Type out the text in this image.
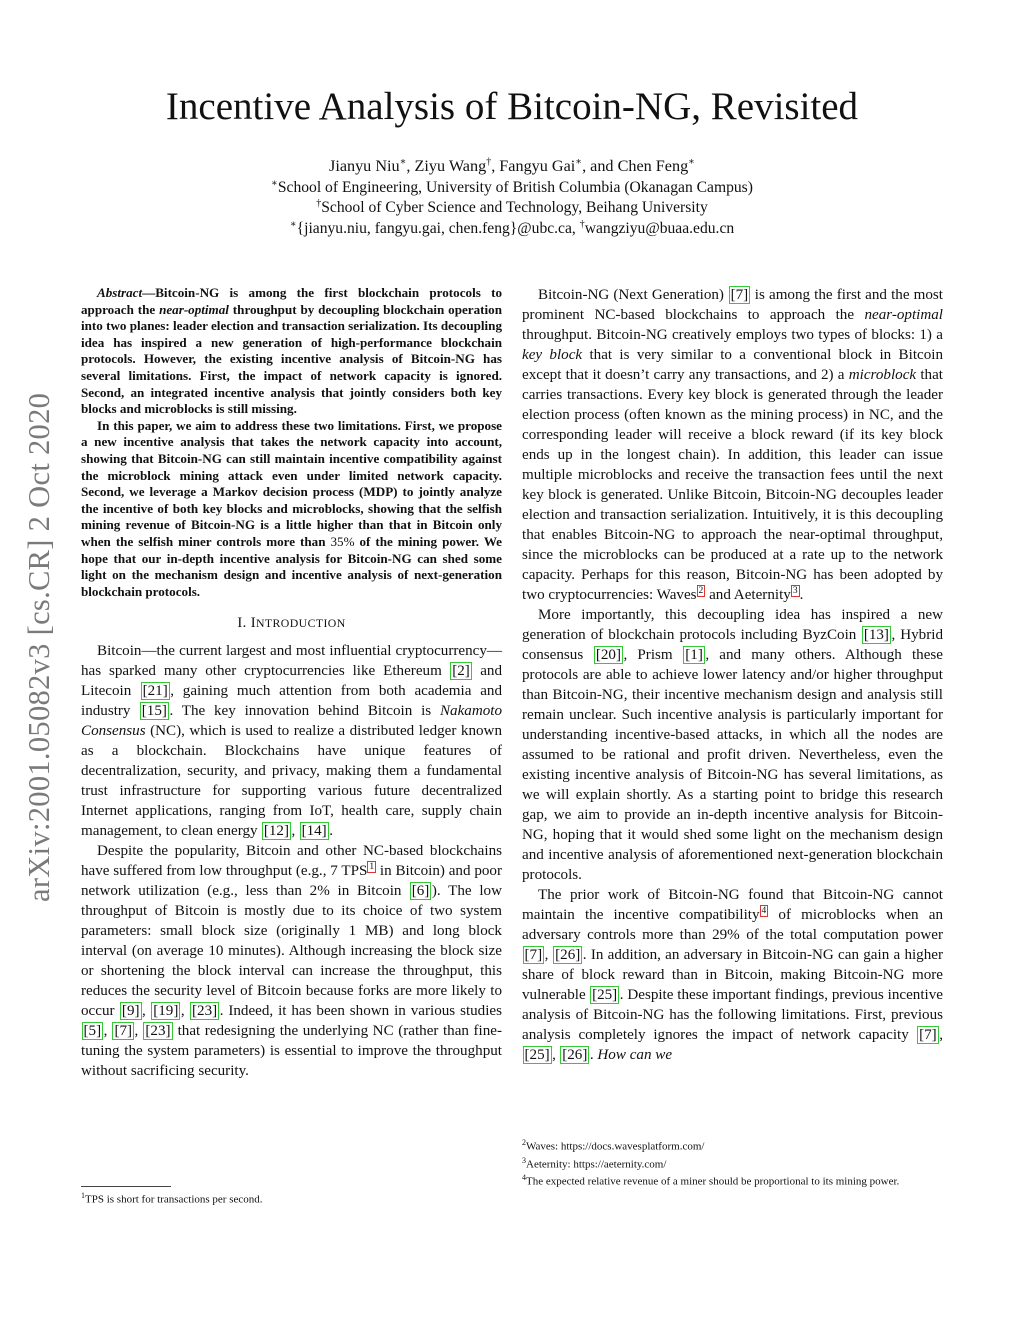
arXiv:2001.05082v3 [cs.CR] 2 Oct 2020
Incentive Analysis of Bitcoin-NG, Revisited
Jianyu Niu∗, Ziyu Wang†, Fangyu Gai∗, and Chen Feng∗
∗School of Engineering, University of British Columbia (Okanagan Campus)
†School of Cyber Science and Technology, Beihang University
∗{jianyu.niu, fangyu.gai, chen.feng}@ubc.ca, †wangziyu@buaa.edu.cn

Abstract—Bitcoin-NG is among the first blockchain protocols to approach the near-optimal throughput by decoupling blockchain operation into two planes: leader election and transaction serialization. Its decoupling idea has inspired a new generation of high-performance blockchain protocols. However, the existing incentive analysis of Bitcoin-NG has several limitations. First, the impact of network capacity is ignored. Second, an integrated incentive analysis that jointly considers both key blocks and microblocks is still missing.

In this paper, we aim to address these two limitations. First, we propose a new incentive analysis that takes the network capacity into account, showing that Bitcoin-NG can still maintain incentive compatibility against the microblock mining attack even under limited network capacity. Second, we leverage a Markov decision process (MDP) to jointly analyze the incentive of both key blocks and microblocks, showing that the selfish mining revenue of Bitcoin-NG is a little higher than that in Bitcoin only when the selfish miner controls more than 35% of the mining power. We hope that our in-depth incentive analysis for Bitcoin-NG can shed some light on the mechanism design and incentive analysis of next-generation blockchain protocols.

I. INTRODUCTION

Bitcoin—the current largest and most influential cryptocurrency—has sparked many other cryptocurrencies like Ethereum [2] and Litecoin [21] , gaining much attention from both academia and industry [15] . The key innovation behind Bitcoin is Nakamoto Consensus (NC), which is used to realize a distributed ledger known as a blockchain. Blockchains have unique features of decentralization, security, and privacy, making them a fundamental trust infrastructure for supporting various future decentralized Internet applications, ranging from IoT, health care, supply chain management, to clean energy [12] , [14] .

Despite the popularity, Bitcoin and other NC-based blockchains have suffered from low throughput (e.g., 7 TPS $^1$ in Bitcoin) and poor network utilization (e.g., less than 2% in Bitcoin [6] ). The low throughput of Bitcoin is mostly due to its choice of two system parameters: small block size (originally 1 MB) and long block interval (on average 10 minutes). Although increasing the block size or shortening the block interval can increase the throughput, this reduces the security level of Bitcoin because forks are more likely to occur [9] , [19] , [23] . Indeed, it has been shown in various studies [5] , [7] , [23] that redesigning the underlying NC (rather than fine-tuning the system parameters) is essential to improve the throughput without sacrificing security.

$^1$TPS is short for transactions per second.

Bitcoin-NG (Next Generation) [7] is among the first and the most prominent NC-based blockchains to approach the near-optimal throughput. Bitcoin-NG creatively employs two types of blocks: 1) a key block that is very similar to a conventional block in Bitcoin except that it doesn’t carry any transactions, and 2) a microblock that carries transactions. Every key block is generated through the leader election process (often known as the mining process) in NC, and the corresponding leader will receive a block reward (if its key block ends up in the longest chain). In addition, this leader can issue multiple microblocks and receive the transaction fees until the next key block is generated. Unlike Bitcoin, Bitcoin-NG decouples leader election and transaction serialization. Intuitively, it is this decoupling that enables Bitcoin-NG to approach the near-optimal throughput, since the microblocks can be produced at a rate up to the network capacity. Perhaps for this reason, Bitcoin-NG has been adopted by two cryptocurrencies: Waves $^2$ and Aeternity $^3$ .

More importantly, this decoupling idea has inspired a new generation of blockchain protocols including ByzCoin [13] , Hybrid consensus [20] , Prism [1] , and many others. Although these protocols are able to achieve lower latency and/or higher throughput than Bitcoin-NG, their incentive mechanism design and analysis still remain unclear. Such incentive analysis is particularly important for understanding incentive-based attacks, in which all the nodes are assumed to be rational and profit driven. Nevertheless, even the existing incentive analysis of Bitcoin-NG has several limitations, as we will explain shortly. As a starting point to bridge this research gap, we aim to provide an in-depth incentive analysis for Bitcoin-NG, hoping that it would shed some light on the mechanism design and incentive analysis of aforementioned next-generation blockchain protocols.

The prior work of Bitcoin-NG found that Bitcoin-NG cannot maintain the incentive compatibility $^4$ of microblocks when an adversary controls more than 29% of the total computation power [7] , [26] . In addition, an adversary in Bitcoin-NG can gain a higher share of block reward than in Bitcoin, making Bitcoin-NG more vulnerable [25] . Despite these important findings, previous incentive analysis of Bitcoin-NG has the following limitations. First, previous analysis completely ignores the impact of network capacity [7] , [25] , [26] . How can we

$^2$Waves: https://docs.wavesplatform.com/

$^3$Aeternity: https://aeternity.com/

$^4$The expected relative revenue of a miner should be proportional to its mining power.
